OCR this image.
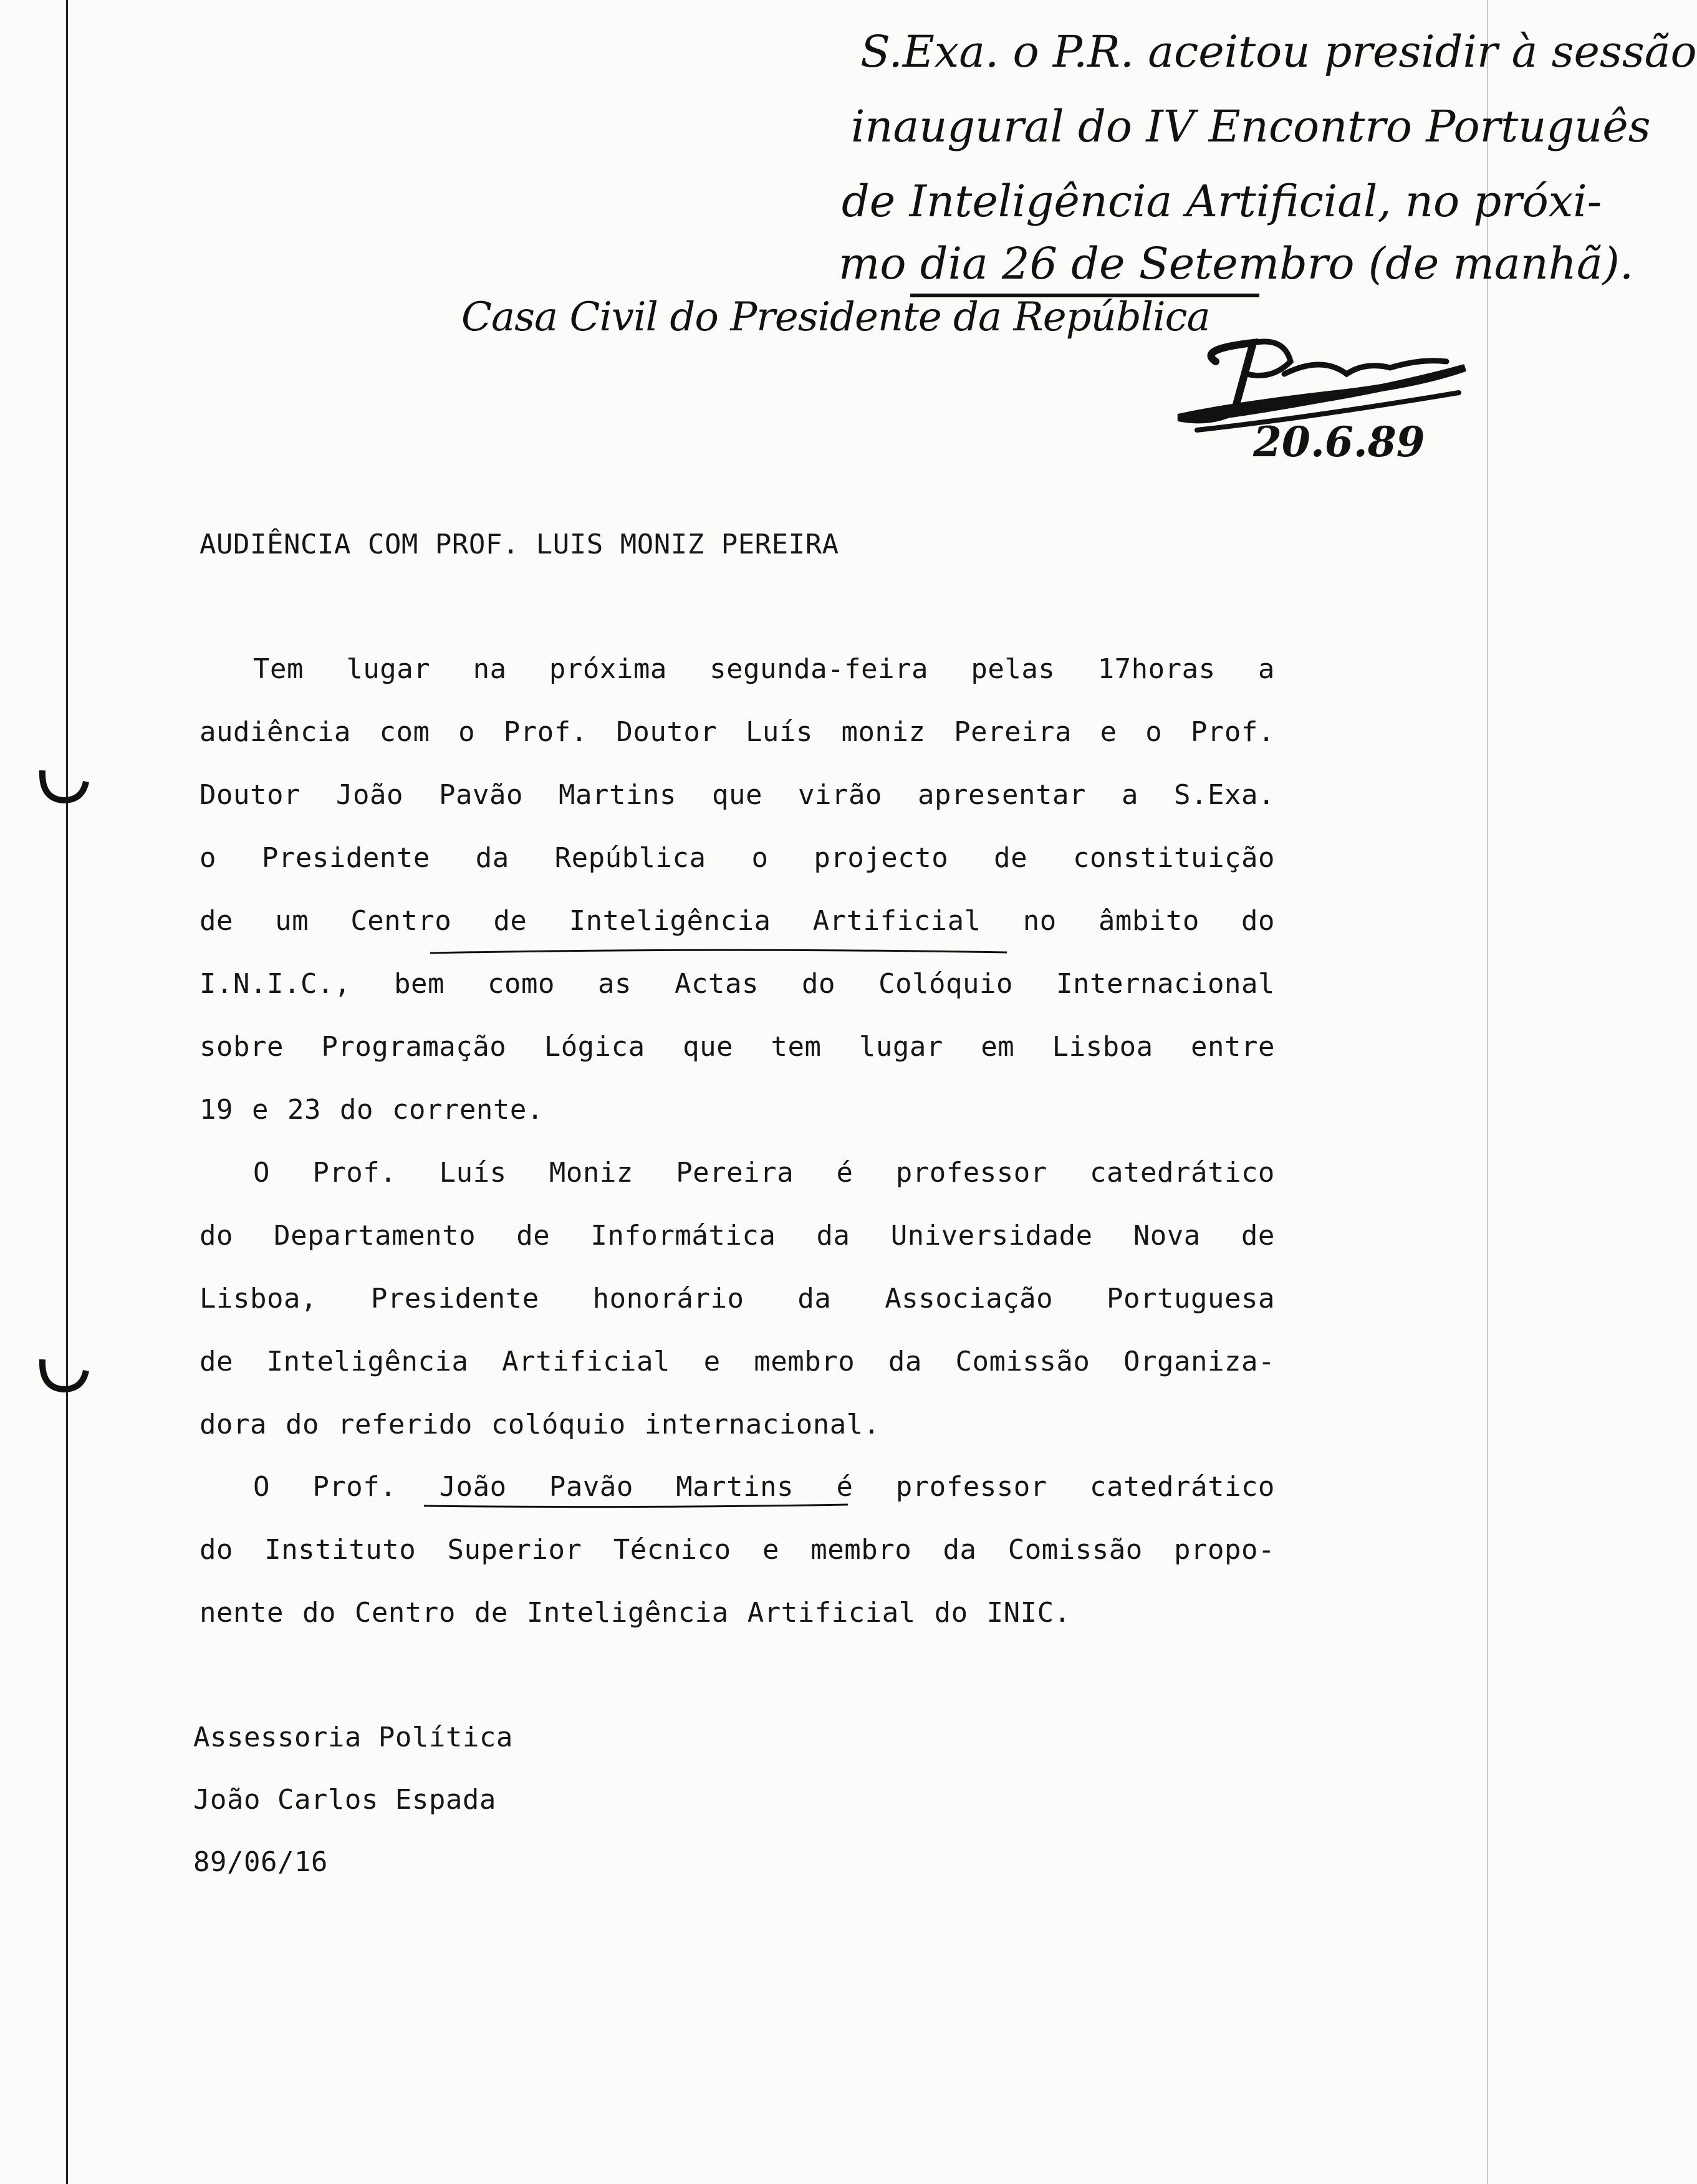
S.Exa. o P.R. aceitou presidir à sessão
inaugural do IV Encontro Português
de Inteligência Artificial, no próxi-
mo dia 26 de Setembro (de manhã).
20.6.89
Casa Civil do Presidente da República
AUDIÊNCIA COM PROF. LUIS MONIZ PEREIRA
Tem lugar na próxima segunda-feira pelas 17horas a
audiência com o Prof. Doutor Luís moniz Pereira e o Prof.
Doutor João Pavão Martins que virão apresentar a S.Exa.
o Presidente da República o projecto de constituição
de um Centro de Inteligência Artificial no âmbito do
I.N.I.C., bem como as Actas do Colóquio Internacional
sobre Programação Lógica que tem lugar em Lisboa entre
19 e 23 do corrente.
O Prof. Luís Moniz Pereira é professor catedrático
do Departamento de Informática da Universidade Nova de
Lisboa, Presidente honorário da Associação Portuguesa
de Inteligência Artificial e membro da Comissão Organiza-
dora do referido colóquio internacional.
O Prof. João Pavão Martins é professor catedrático
do Instituto Superior Técnico e membro da Comissão propo-
nente do Centro de Inteligência Artificial do INIC.
Assessoria Política
João Carlos Espada
89/06/16
